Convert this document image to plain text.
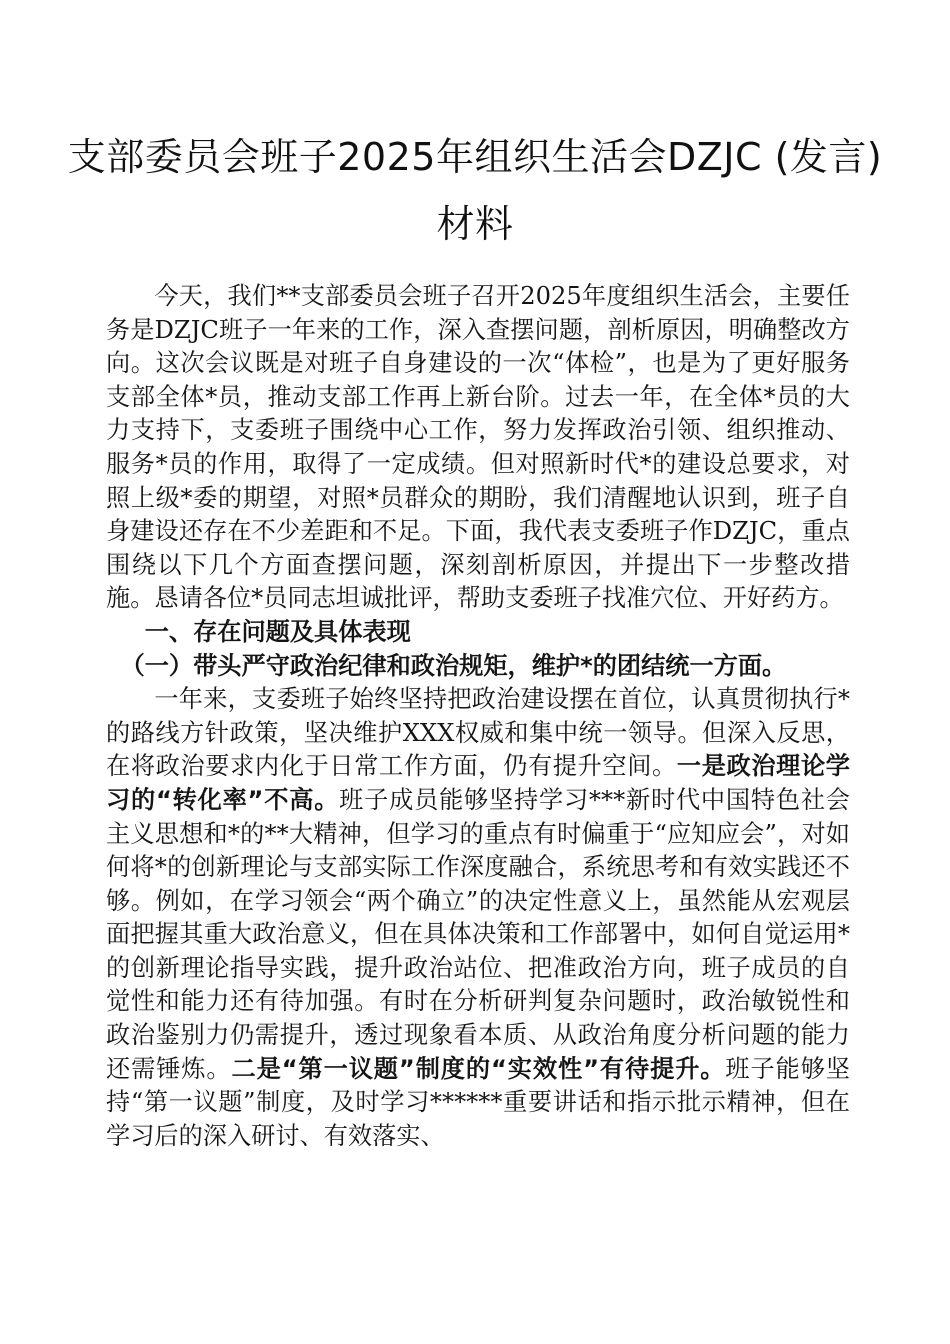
支部委员会班子2025年组织生活会DZJC (发言)
材料

今天，我们**支部委员会班子召开2025年度组织生活会，主要任务是DZJC班子一年来的工作，深入查摆问题，剖析原因，明确整改方向。这次会议既是对班子自身建设的一次“体检”，也是为了更好服务支部全体*员，推动支部工作再上新台阶。过去一年，在全体*员的大力支持下，支委班子围绕中心工作，努力发挥政治引领、组织推动、服务*员的作用，取得了一定成绩。但对照新时代*的建设总要求，对照上级*委的期望，对照*员群众的期盼，我们清醒地认识到，班子自身建设还存在不少差距和不足。下面，我代表支委班子作DZJC，重点围绕以下几个方面查摆问题，深刻剖析原因，并提出下一步整改措施。恳请各位*员同志坦诚批评，帮助支委班子找准穴位、开好药方。

一、存在问题及具体表现
（一）带头严守政治纪律和政治规矩，维护*的团结统一方面。

一年来，支委班子始终坚持把政治建设摆在首位，认真贯彻执行*的路线方针政策，坚决维护XXX权威和集中统一领导。但深入反思，在将政治要求内化于日常工作方面，仍有提升空间。一是政治理论学习的“转化率”不高。班子成员能够坚持学习***新时代中国特色社会主义思想和*的**大精神，但学习的重点有时偏重于“应知应会”，对如何将*的创新理论与支部实际工作深度融合，系统思考和有效实践还不够。例如，在学习领会“两个确立”的决定性意义上，虽然能从宏观层面把握其重大政治意义，但在具体决策和工作部署中，如何自觉运用*的创新理论指导实践，提升政治站位、把准政治方向，班子成员的自觉性和能力还有待加强。有时在分析研判复杂问题时，政治敏锐性和政治鉴别力仍需提升，透过现象看本质、从政治角度分析问题的能力还需锤炼。二是“第一议题”制度的“实效性”有待提升。班子能够坚持“第一议题”制度，及时学习******重要讲话和指示批示精神，但在学习后的深入研讨、有效落实、
